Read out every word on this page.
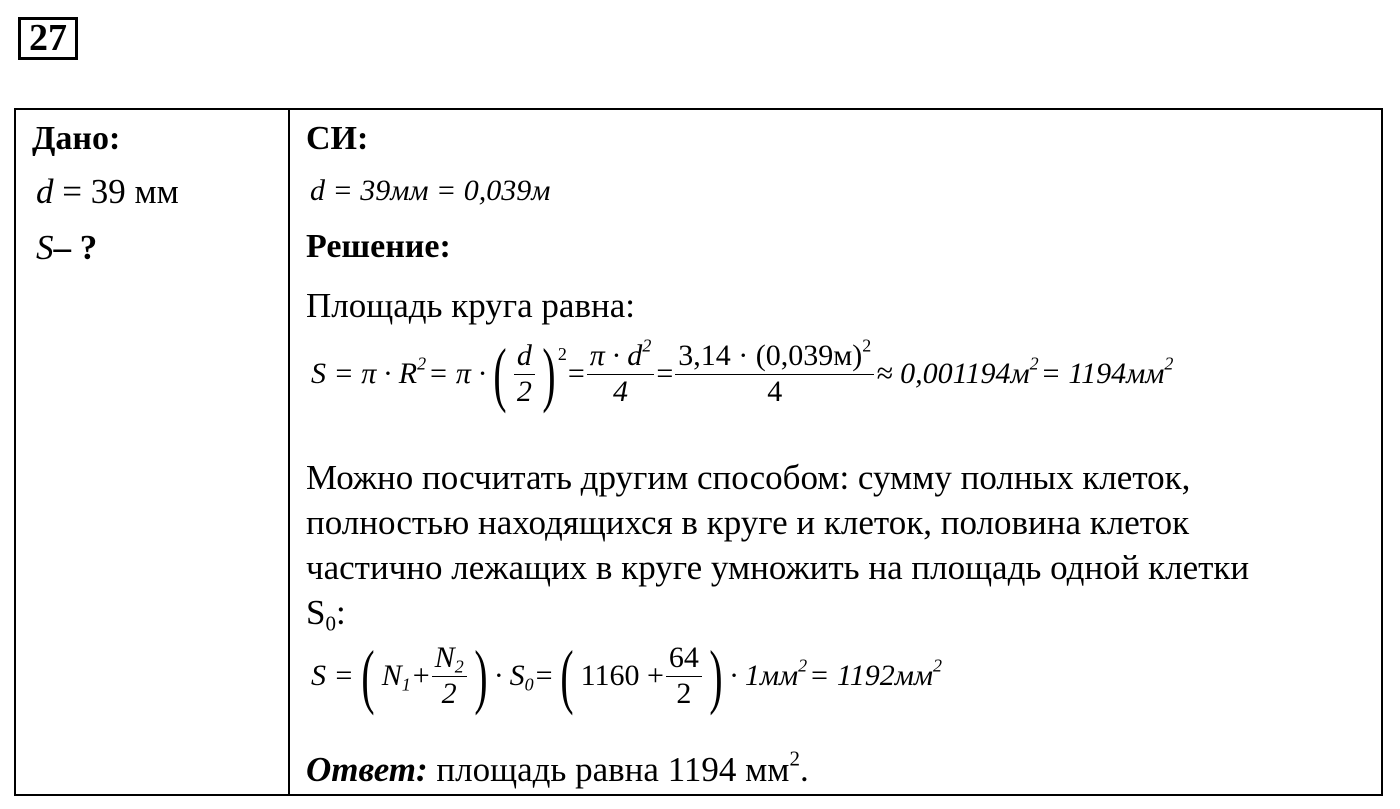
27
Дано:
d = 39 мм
S– ?
СИ:
d = 39мм = 0,039м
Решение:
Площадь круга равна:
$S = \pi \cdot R^2 = \pi$ · ( $\frac{d}{2}$ ) 2
= $\frac{\pi \cdot d^2}{4} = \frac{3,14 \cdot (0,039м)^2}{4} \approx 0,001194м^2 = 1194мм^2$
Можно посчитать другим способом: сумму полных клеток,
полностью находящихся в круге и клеток, половина клеток
частично лежащих в круге умножить на площадь одной клетки
$S_0$:
S = ( $N_1 + \frac{N_2}{2}$ ) · $S_0$ = ( $1160 + \frac{64}{2}$ ) · $1мм^2 = 1192мм^2$
Ответ: площадь равна 1194 $мм^2$.
